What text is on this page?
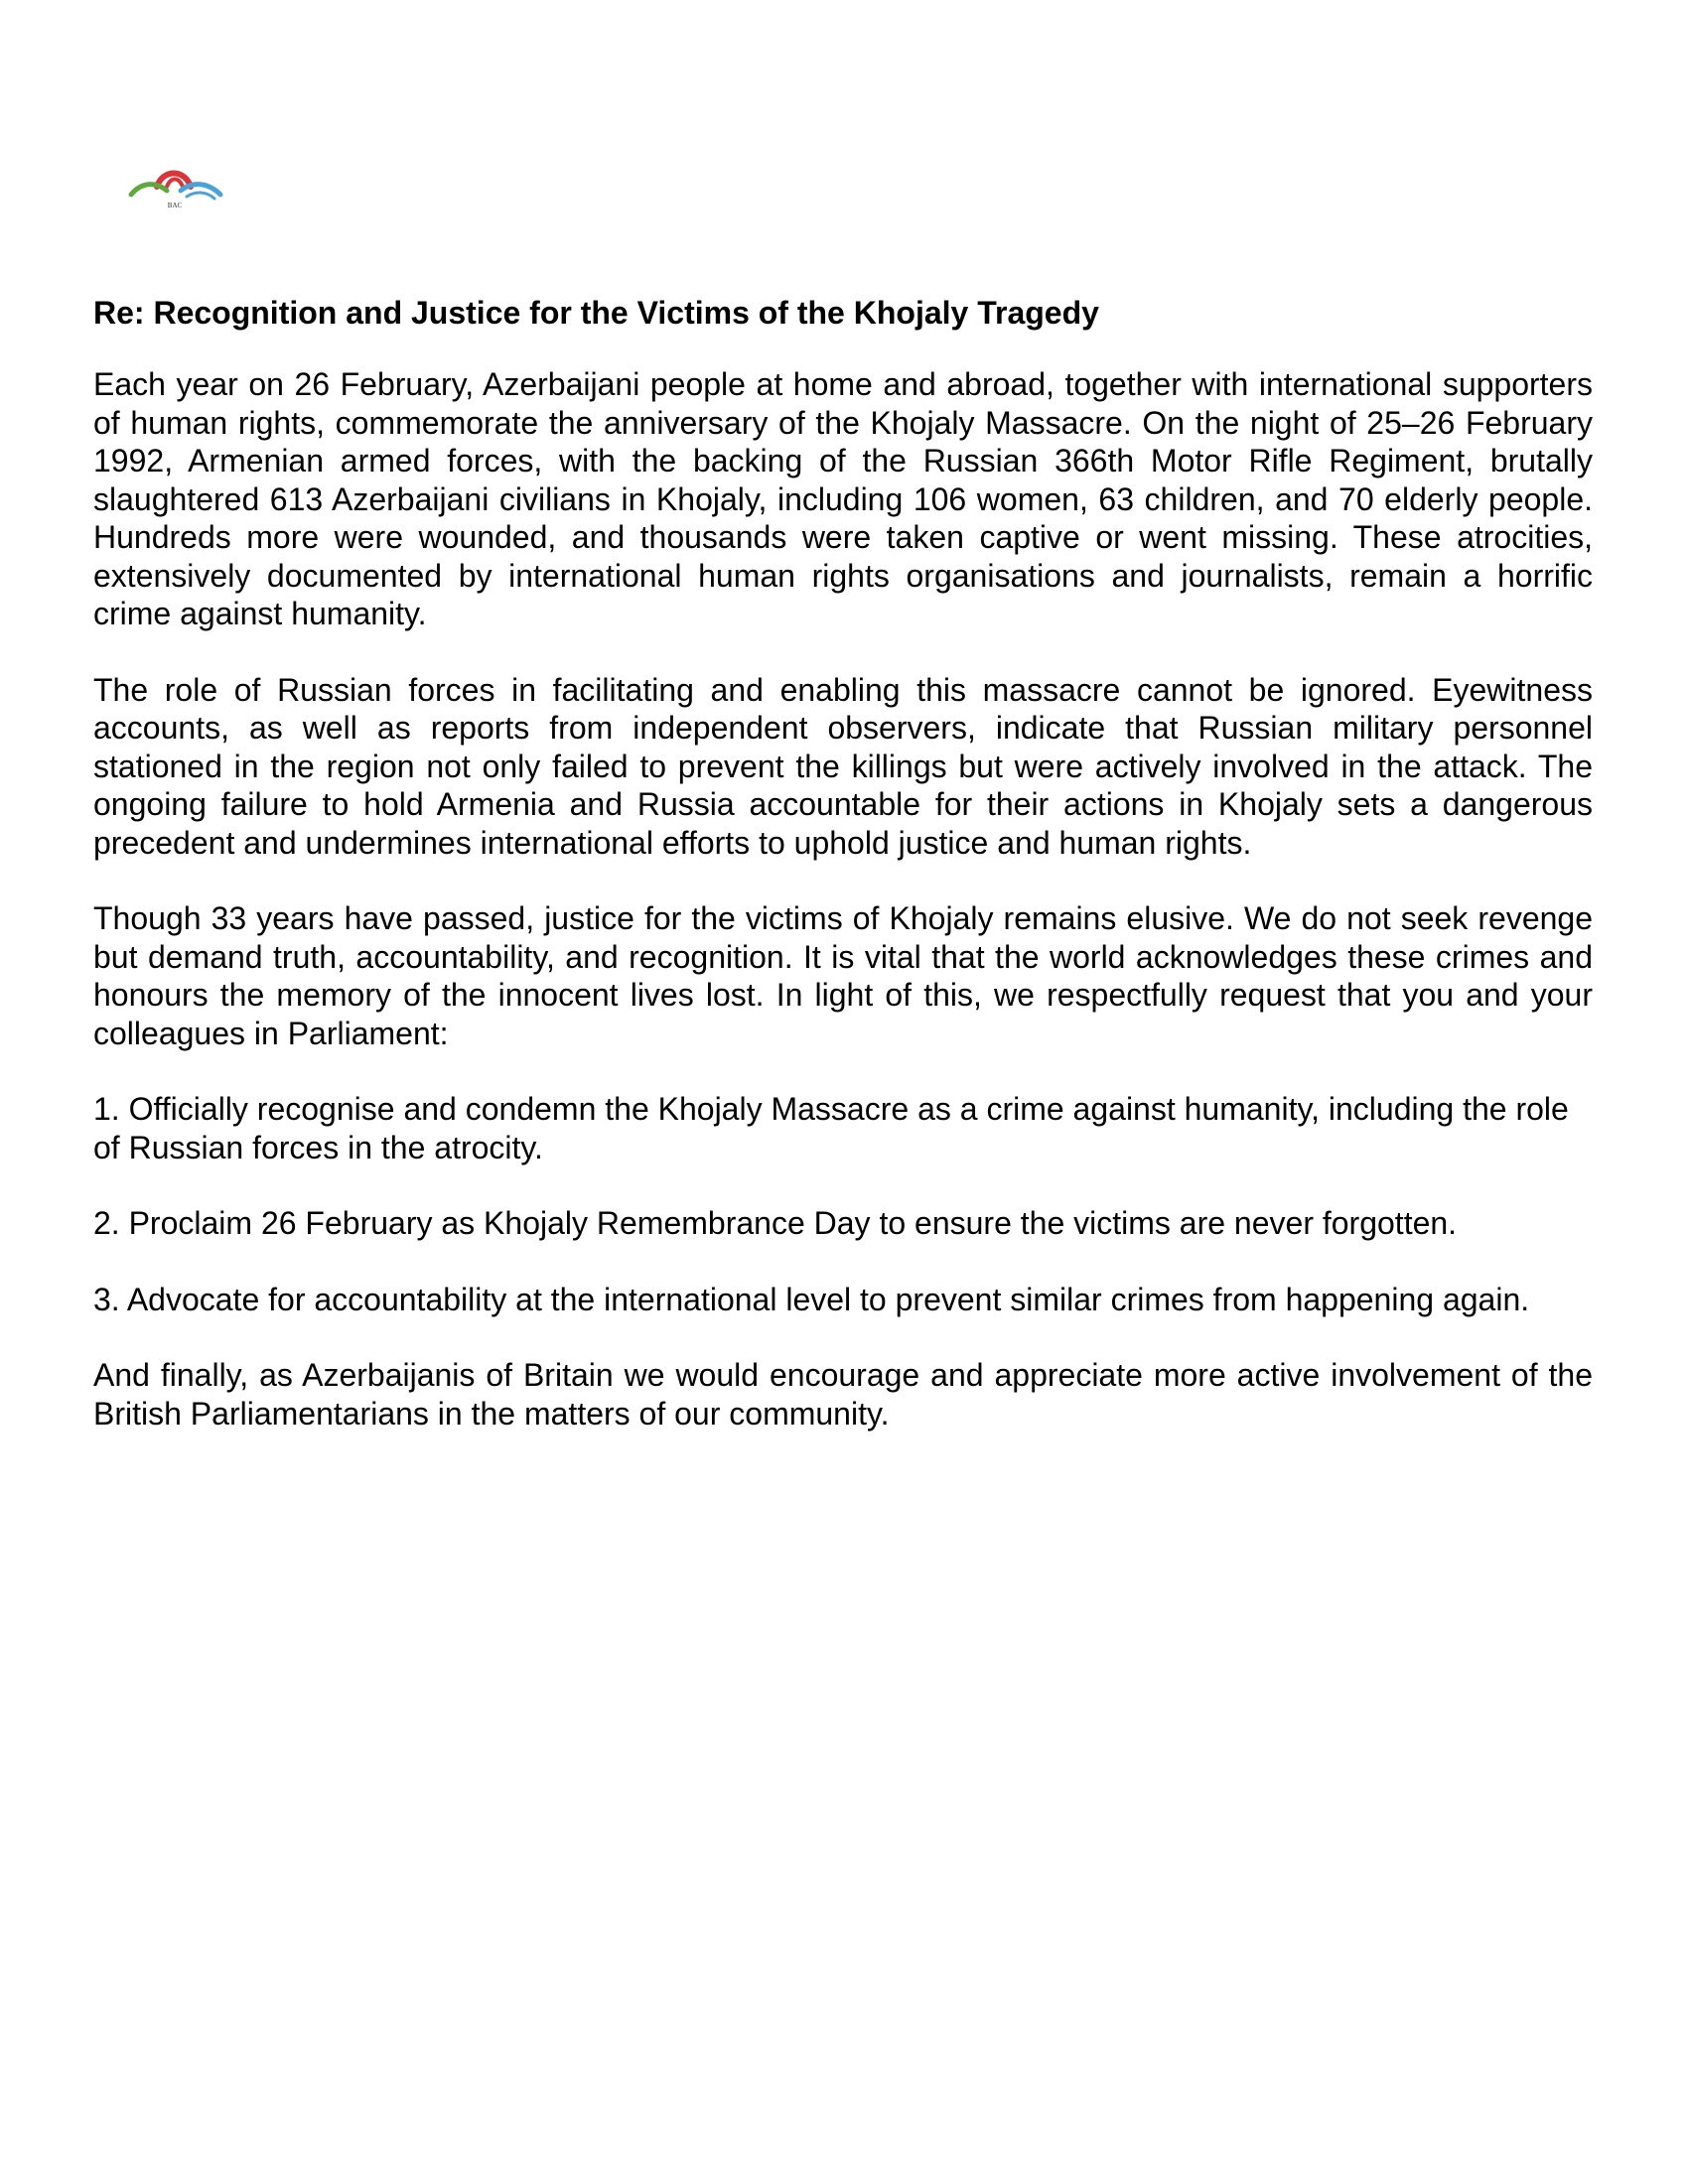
BAC

Re: Recognition and Justice for the Victims of the Khojaly Tragedy

Each year on 26 February, Azerbaijani people at home and abroad, together with international supporters of human rights, commemorate the anniversary of the Khojaly Massacre. On the night of 25–26 February 1992, Armenian armed forces, with the backing of the Russian 366th Motor Rifle Regiment, brutally slaughtered 613 Azerbaijani civilians in Khojaly, including 106 women, 63 children, and 70 elderly people. Hundreds more were wounded, and thousands were taken captive or went missing. These atrocities, extensively documented by international human rights organisations and journalists, remain a horrific crime against humanity.

The role of Russian forces in facilitating and enabling this massacre cannot be ignored. Eyewitness accounts, as well as reports from independent observers, indicate that Russian military personnel stationed in the region not only failed to prevent the killings but were actively involved in the attack. The ongoing failure to hold Armenia and Russia accountable for their actions in Khojaly sets a dangerous precedent and undermines international efforts to uphold justice and human rights.

Though 33 years have passed, justice for the victims of Khojaly remains elusive. We do not seek revenge but demand truth, accountability, and recognition. It is vital that the world acknowledges these crimes and honours the memory of the innocent lives lost. In light of this, we respectfully request that you and your colleagues in Parliament:

1. Officially recognise and condemn the Khojaly Massacre as a crime against humanity, including the role of Russian forces in the atrocity.

2. Proclaim 26 February as Khojaly Remembrance Day to ensure the victims are never forgotten.

3. Advocate for accountability at the international level to prevent similar crimes from happening again.

And finally, as Azerbaijanis of Britain we would encourage and appreciate more active involvement of the British Parliamentarians in the matters of our community.
